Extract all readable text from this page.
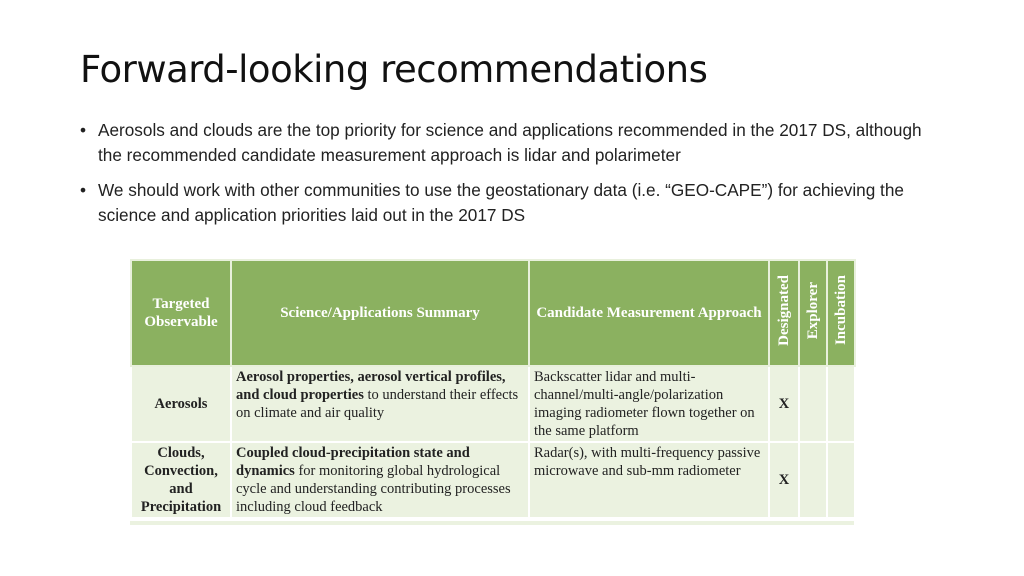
Forward-looking recommendations
• Aerosols and clouds are the top priority for science and applications recommended in the 2017 DS, although the recommended candidate measurement approach is lidar and polarimeter
• We should work with other communities to use the geostationary data (i.e. “GEO-CAPE”) for achieving the science and application priorities laid out in the 2017 DS
Targeted Observable	Science/Applications Summary	Candidate Measurement Approach	Designated	Explorer	Incubation
Aerosols	Aerosol properties, aerosol vertical profiles, and cloud properties to understand their effects on climate and air quality	Backscatter lidar and multi-channel/multi-angle/polarization imaging radiometer flown together on the same platform	X		
Clouds, Convection, and Precipitation	Coupled cloud-precipitation state and dynamics for monitoring global hydrological cycle and understanding contributing processes including cloud feedback	Radar(s), with multi-frequency passive microwave and sub-mm radiometer	X		
